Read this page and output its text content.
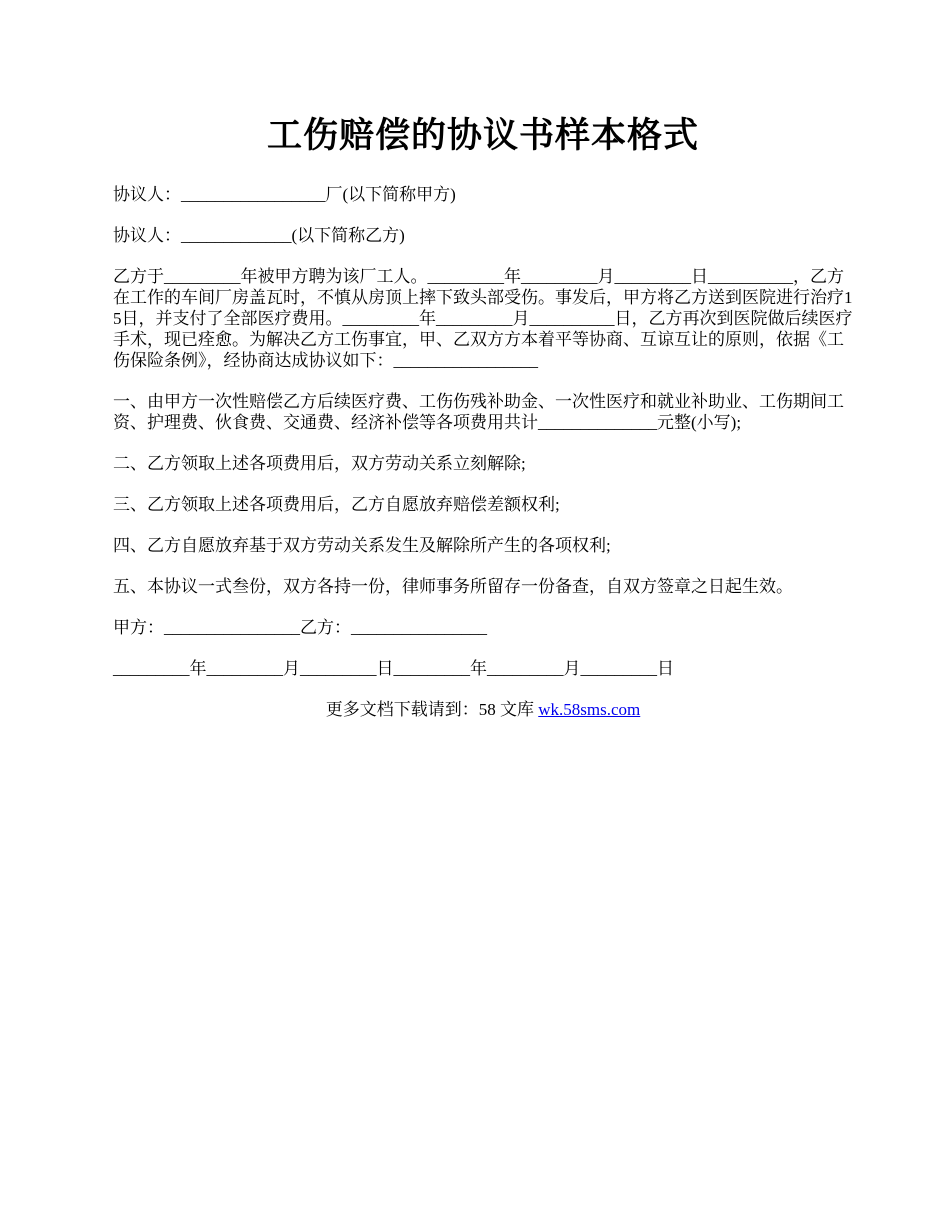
工伤赔偿的协议书样本格式
协议人：_________________厂(以下简称甲方)
协议人：_____________(以下简称乙方)
乙方于_________年被甲方聘为该厂工人。_________年_________月_________日__________，乙方在工作的车间厂房盖瓦时，不慎从房顶上摔下致头部受伤。事发后，甲方将乙方送到医院进行治疗15日，并支付了全部医疗费用。_________年_________月__________日，乙方再次到医院做后续医疗手术，现已痊愈。为解决乙方工伤事宜，甲、乙双方方本着平等协商、互谅互让的原则，依据《工伤保险条例》，经协商达成协议如下：_________________
一、由甲方一次性赔偿乙方后续医疗费、工伤伤残补助金、一次性医疗和就业补助业、工伤期间工资、护理费、伙食费、交通费、经济补偿等各项费用共计______________元整(小写);
二、乙方领取上述各项费用后，双方劳动关系立刻解除;
三、乙方领取上述各项费用后，乙方自愿放弃赔偿差额权利;
四、乙方自愿放弃基于双方劳动关系发生及解除所产生的各项权利;
五、本协议一式叁份，双方各持一份，律师事务所留存一份备查，自双方签章之日起生效。
甲方：________________乙方：________________
_________年_________月_________日_________年_________月_________日
更多文档下载请到：58 文库 wk.58sms.com
